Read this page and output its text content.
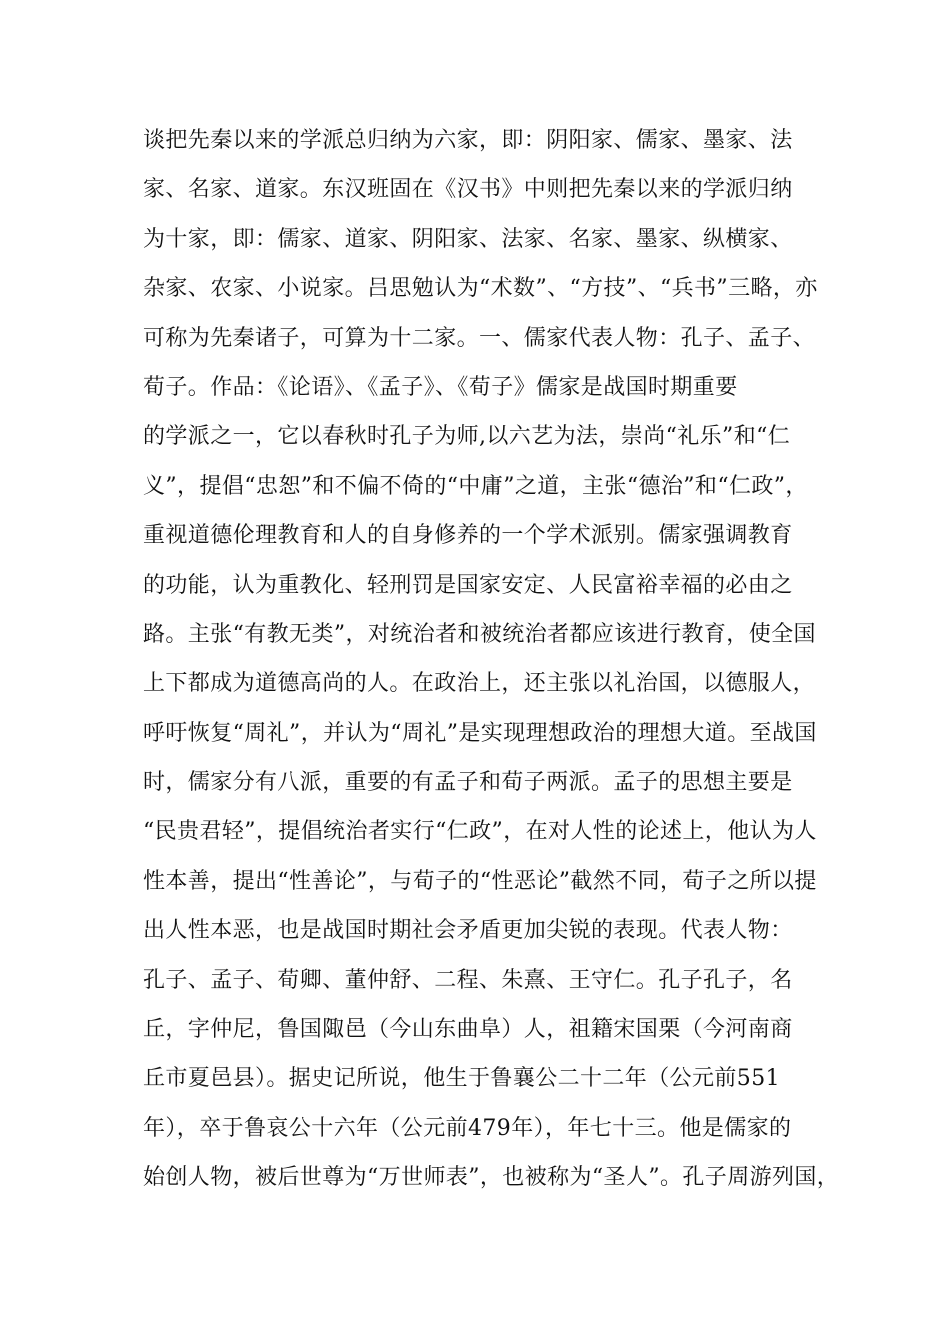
谈把先秦以来的学派总归纳为六家，即：阴阳家、儒家、墨家、法
家、名家、道家。东汉班固在《汉书》中则把先秦以来的学派归纳
为十家，即：儒家、道家、阴阳家、法家、名家、墨家、纵横家、
杂家、农家、小说家。吕思勉认为“术数”、“方技”、“兵书”三略，亦
可称为先秦诸子，可算为十二家。一、儒家代表人物：孔子、孟子、
荀子。作品：《论语》、《孟子》、《荀子》儒家是战国时期重要
的学派之一，它以春秋时孔子为师,以六艺为法，崇尚“礼乐”和“仁
义”，提倡“忠恕”和不偏不倚的“中庸”之道，主张“德治”和“仁政”，
重视道德伦理教育和人的自身修养的一个学术派别。儒家强调教育
的功能，认为重教化、轻刑罚是国家安定、人民富裕幸福的必由之
路。主张“有教无类”，对统治者和被统治者都应该进行教育，使全国
上下都成为道德高尚的人。在政治上，还主张以礼治国，以德服人，
呼吁恢复“周礼”，并认为“周礼”是实现理想政治的理想大道。至战国
时，儒家分有八派，重要的有孟子和荀子两派。孟子的思想主要是
“民贵君轻”，提倡统治者实行“仁政”，在对人性的论述上，他认为人
性本善，提出“性善论”，与荀子的“性恶论”截然不同，荀子之所以提
出人性本恶，也是战国时期社会矛盾更加尖锐的表现。代表人物：
孔子、孟子、荀卿、董仲舒、二程、朱熹、王守仁。孔子孔子，名
丘，字仲尼，鲁国陬邑（今山东曲阜）人，祖籍宋国栗（今河南商
丘市夏邑县）。据史记所说，他生于鲁襄公二十二年（公元前551
年），卒于鲁哀公十六年（公元前479年），年七十三。他是儒家的
始创人物，被后世尊为“万世师表”，也被称为“圣人”。孔子周游列国，
